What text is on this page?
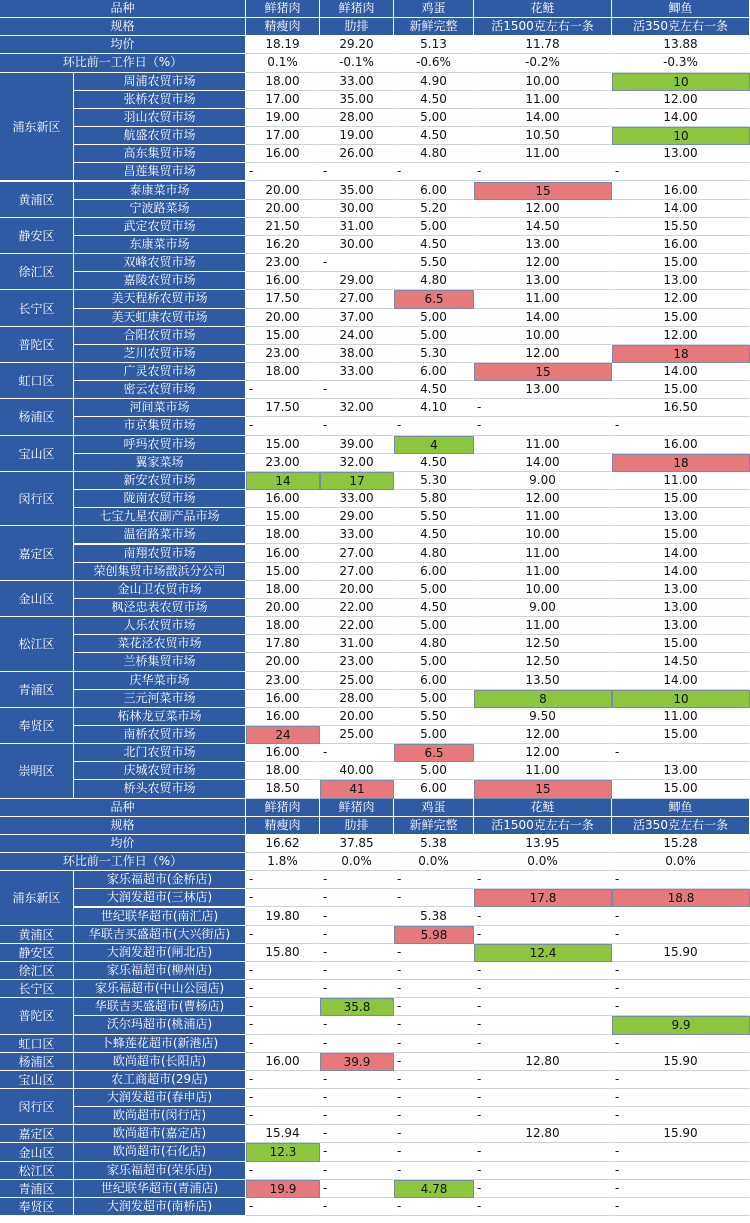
品种	鲜猪肉	鲜猪肉	鸡蛋	花鲢	鲫鱼
规格	精瘦肉	肋排	新鲜完整	活1500克左右一条	活350克左右一条
均价	18.19	29.20	5.13	11.78	13.88
环比前一工作日（%）	0.1%	-0.1%	-0.6%	-0.2%	-0.3%
浦东新区
周浦农贸市场	18.00	33.00	4.90	10.00	10
张桥农贸市场	17.00	35.00	4.50	11.00	12.00
羽山农贸市场	19.00	28.00	5.00	14.00	14.00
航盛农贸市场	17.00	19.00	4.50	10.50	10
高东集贸市场	16.00	26.00	4.80	11.00	13.00
昌莲集贸市场	-	-	-	-	-
黄浦区
泰康菜市场	20.00	35.00	6.00	15	16.00
宁波路菜场	20.00	30.00	5.20	12.00	14.00
静安区
武定农贸市场	21.50	31.00	5.00	14.50	15.50
东康菜市场	16.20	30.00	4.50	13.00	16.00
徐汇区
双峰农贸市场	23.00	-	5.50	12.00	15.00
嘉陵农贸市场	16.00	29.00	4.80	13.00	13.00
长宁区
美天程桥农贸市场	17.50	27.00	6.5	11.00	12.00
美天虹康农贸市场	20.00	37.00	5.00	14.00	15.00
普陀区
合阳农贸市场	15.00	24.00	5.00	10.00	12.00
芝川农贸市场	23.00	38.00	5.30	12.00	18
虹口区
广灵农贸市场	18.00	33.00	6.00	15	14.00
密云农贸市场	-	-	4.50	13.00	15.00
杨浦区
河间菜市场	17.50	32.00	4.10	-	16.50
市京集贸市场	-	-	-	-	-
宝山区
呼玛农贸市场	15.00	39.00	4	11.00	16.00
翼家菜场	23.00	32.00	4.50	14.00	18
闵行区
新安农贸市场	14	17	5.30	9.00	11.00
陇南农贸市场	16.00	33.00	5.80	12.00	15.00
七宝九星农副产品市场	15.00	29.00	5.50	11.00	13.00
嘉定区
温宿路菜市场	18.00	33.00	4.50	10.00	15.00
南翔农贸市场	16.00	27.00	4.80	11.00	14.00
荣创集贸市场戬浜分公司	15.00	27.00	6.00	11.00	14.00
金山区
金山卫农贸市场	18.00	20.00	5.00	10.00	13.00
枫泾忠表农贸市场	20.00	22.00	4.50	9.00	13.00
松江区
人乐农贸市场	18.00	22.00	5.00	11.00	13.00
菜花泾农贸市场	17.80	31.00	4.80	12.50	15.00
兰桥集贸市场	20.00	23.00	5.00	12.50	14.50
青浦区
庆华菜市场	23.00	25.00	6.00	13.50	14.00
三元河菜市场	16.00	28.00	5.00	8	10
奉贤区
柘林龙豆菜市场	16.00	20.00	5.50	9.50	11.00
南桥农贸市场	24	25.00	5.00	12.00	15.00
崇明区
北门农贸市场	16.00	-	6.5	12.00	-
庆城农贸市场	18.00	40.00	5.00	11.00	13.00
桥头农贸市场	18.50	41	6.00	15	15.00
品种	鲜猪肉	鲜猪肉	鸡蛋	花鲢	鲫鱼
规格	精瘦肉	肋排	新鲜完整	活1500克左右一条	活350克左右一条
均价	16.62	37.85	5.38	13.95	15.28
环比前一工作日（%）	1.8%	0.0%	0.0%	0.0%	0.0%
浦东新区
家乐福超市(金桥店)	-	-	-	-	-
大润发超市(三林店)	-	-	-	17.8	18.8
世纪联华超市(南汇店)	19.80	-	5.38	-	-
黄浦区	华联吉买盛超市(大兴街店)	-	-	5.98	-	-
静安区	大润发超市(闸北店)	15.80	-	-	12.4	15.90
徐汇区	家乐福超市(柳州店)	-	-	-	-	-
长宁区	家乐福超市(中山公园店)	-	-	-	-	-
普陀区
华联吉买盛超市(曹杨店)	-	35.8	-	-	-
沃尔玛超市(桃浦店)	-	-	-	-	9.9
虹口区	卜蜂莲花超市(新港店)	-	-	-	-	-
杨浦区	欧尚超市(长阳店)	16.00	39.9	-	12.80	15.90
宝山区	农工商超市(29店)	-	-	-	-	-
闵行区
大润发超市(春申店)	-	-	-	-	-
欧尚超市(闵行店)	-	-	-	-	-
嘉定区	欧尚超市(嘉定店)	15.94	-	-	12.80	15.90
金山区	欧尚超市(石化店)	12.3	-	-	-	-
松江区	家乐福超市(荣乐店)	-	-	-	-	-
青浦区	世纪联华超市(青浦店)	19.9	-	4.78	-	-
奉贤区	大润发超市(南桥店)	-	-	-	-	-
